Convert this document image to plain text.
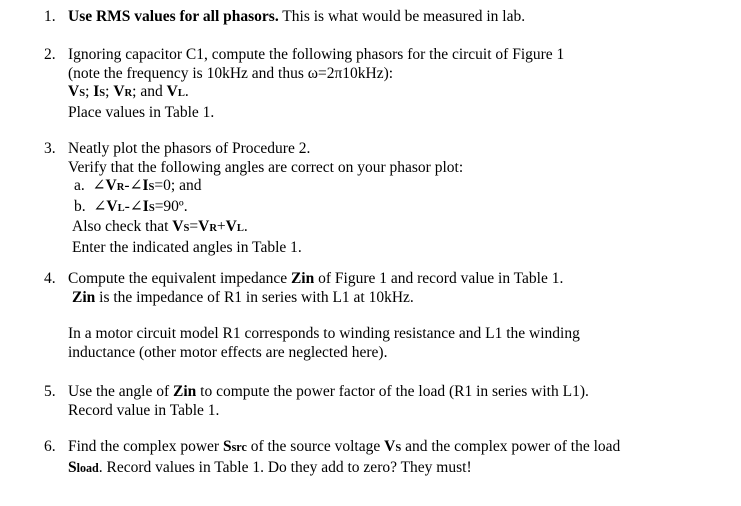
1. Use RMS values for all phasors. This is what would be measured in lab.
2. Ignoring capacitor C1, compute the following phasors for the circuit of Figure 1
(note the frequency is 10kHz and thus ω=2π10kHz):
VS; IS; VR; and VL.
Place values in Table 1.
3. Neatly plot the phasors of Procedure 2.
Verify that the following angles are correct on your phasor plot:
a. ∠VR-∠IS=0; and
b. ∠VL-∠IS=90º.
Also check that VS=VR+VL.
Enter the indicated angles in Table 1.
4. Compute the equivalent impedance Zin of Figure 1 and record value in Table 1.
Zin is the impedance of R1 in series with L1 at 10kHz.
In a motor circuit model R1 corresponds to winding resistance and L1 the winding
inductance (other motor effects are neglected here).
5. Use the angle of Zin to compute the power factor of the load (R1 in series with L1).
Record value in Table 1.
6. Find the complex power Ssrc of the source voltage VS and the complex power of the load
Sload. Record values in Table 1. Do they add to zero? They must!
